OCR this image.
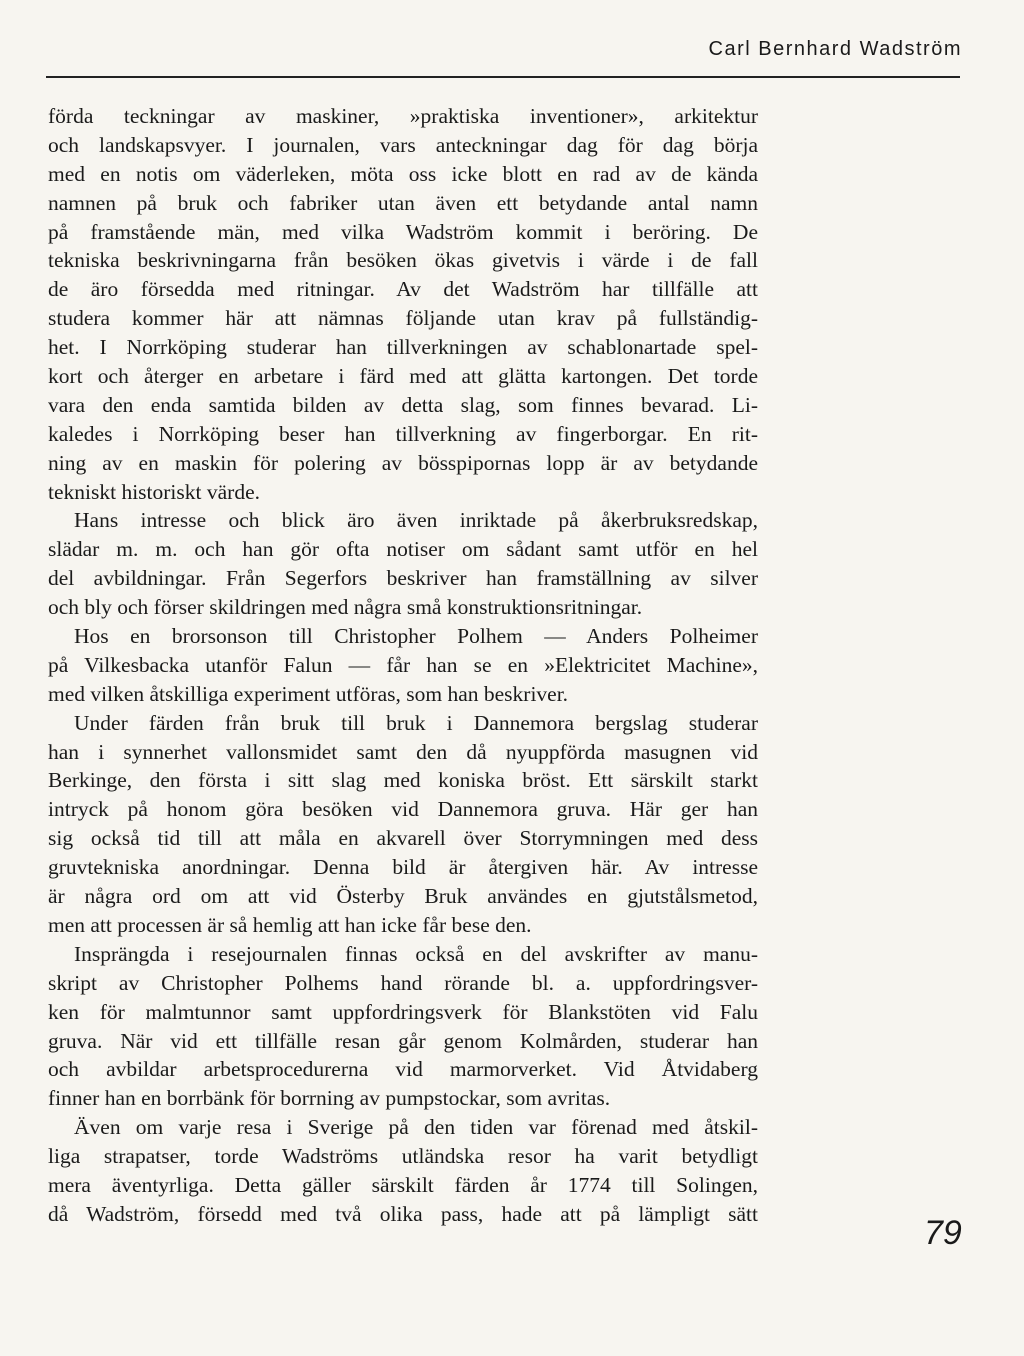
Carl Bernhard Wadström
förda teckningar av maskiner, »praktiska inventioner», arkitektur
och landskapsvyer. I journalen, vars anteckningar dag för dag börja
med en notis om väderleken, möta oss icke blott en rad av de kända
namnen på bruk och fabriker utan även ett betydande antal namn
på framstående män, med vilka Wadström kommit i beröring. De
tekniska beskrivningarna från besöken ökas givetvis i värde i de fall
de äro försedda med ritningar. Av det Wadström har tillfälle att
studera kommer här att nämnas följande utan krav på fullständig-
het. I Norrköping studerar han tillverkningen av schablonartade spel-
kort och återger en arbetare i färd med att glätta kartongen. Det torde
vara den enda samtida bilden av detta slag, som finnes bevarad. Li-
kaledes i Norrköping beser han tillverkning av fingerborgar. En rit-
ning av en maskin för polering av bösspipornas lopp är av betydande
tekniskt historiskt värde.
Hans intresse och blick äro även inriktade på åkerbruksredskap,
slädar m. m. och han gör ofta notiser om sådant samt utför en hel
del avbildningar. Från Segerfors beskriver han framställning av silver
och bly och förser skildringen med några små konstruktionsritningar.
Hos en brorsonson till Christopher Polhem — Anders Polheimer
på Vilkesbacka utanför Falun — får han se en »Elektricitet Machine»,
med vilken åtskilliga experiment utföras, som han beskriver.
Under färden från bruk till bruk i Dannemora bergslag studerar
han i synnerhet vallonsmidet samt den då nyuppförda masugnen vid
Berkinge, den första i sitt slag med koniska bröst. Ett särskilt starkt
intryck på honom göra besöken vid Dannemora gruva. Här ger han
sig också tid till att måla en akvarell över Storrymningen med dess
gruvtekniska anordningar. Denna bild är återgiven här. Av intresse
är några ord om att vid Österby Bruk användes en gjutstålsmetod,
men att processen är så hemlig att han icke får bese den.
Insprängda i resejournalen finnas också en del avskrifter av manu-
skript av Christopher Polhems hand rörande bl. a. uppfordringsver-
ken för malmtunnor samt uppfordringsverk för Blankstöten vid Falu
gruva. När vid ett tillfälle resan går genom Kolmården, studerar han
och avbildar arbetsprocedurerna vid marmorverket. Vid Åtvidaberg
finner han en borrbänk för borrning av pumpstockar, som avritas.
Även om varje resa i Sverige på den tiden var förenad med åtskil-
liga strapatser, torde Wadströms utländska resor ha varit betydligt
mera äventyrliga. Detta gäller särskilt färden år 1774 till Solingen,
då Wadström, försedd med två olika pass, hade att på lämpligt sätt
79
